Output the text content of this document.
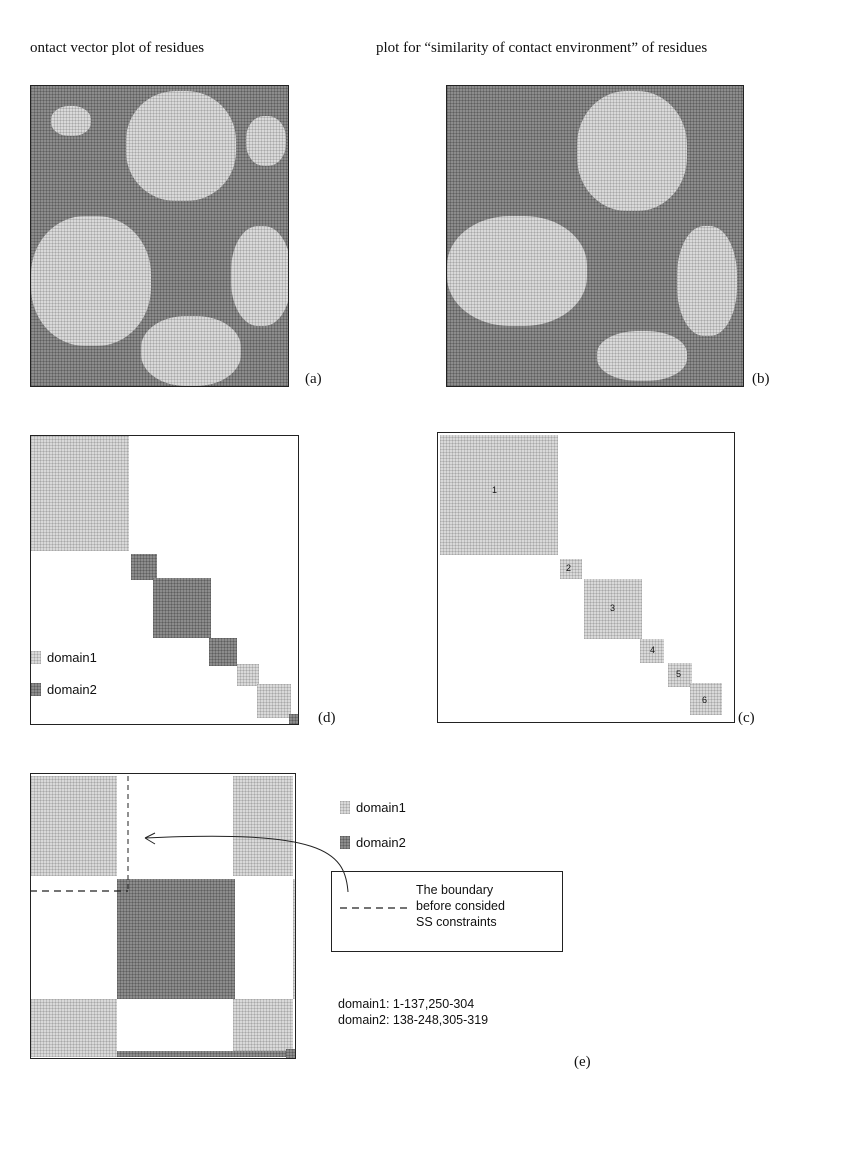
ontact vector plot of residues	plot for “similarity of contact environment” of residues
(a)	(b)
domain1
domain2
(d)
1
2
3
4
5
6
(c)
domain1
domain2
The boundary
before consided
SS constraints
domain1: 1-137,250-304
domain2: 138-248,305-319
(e)
